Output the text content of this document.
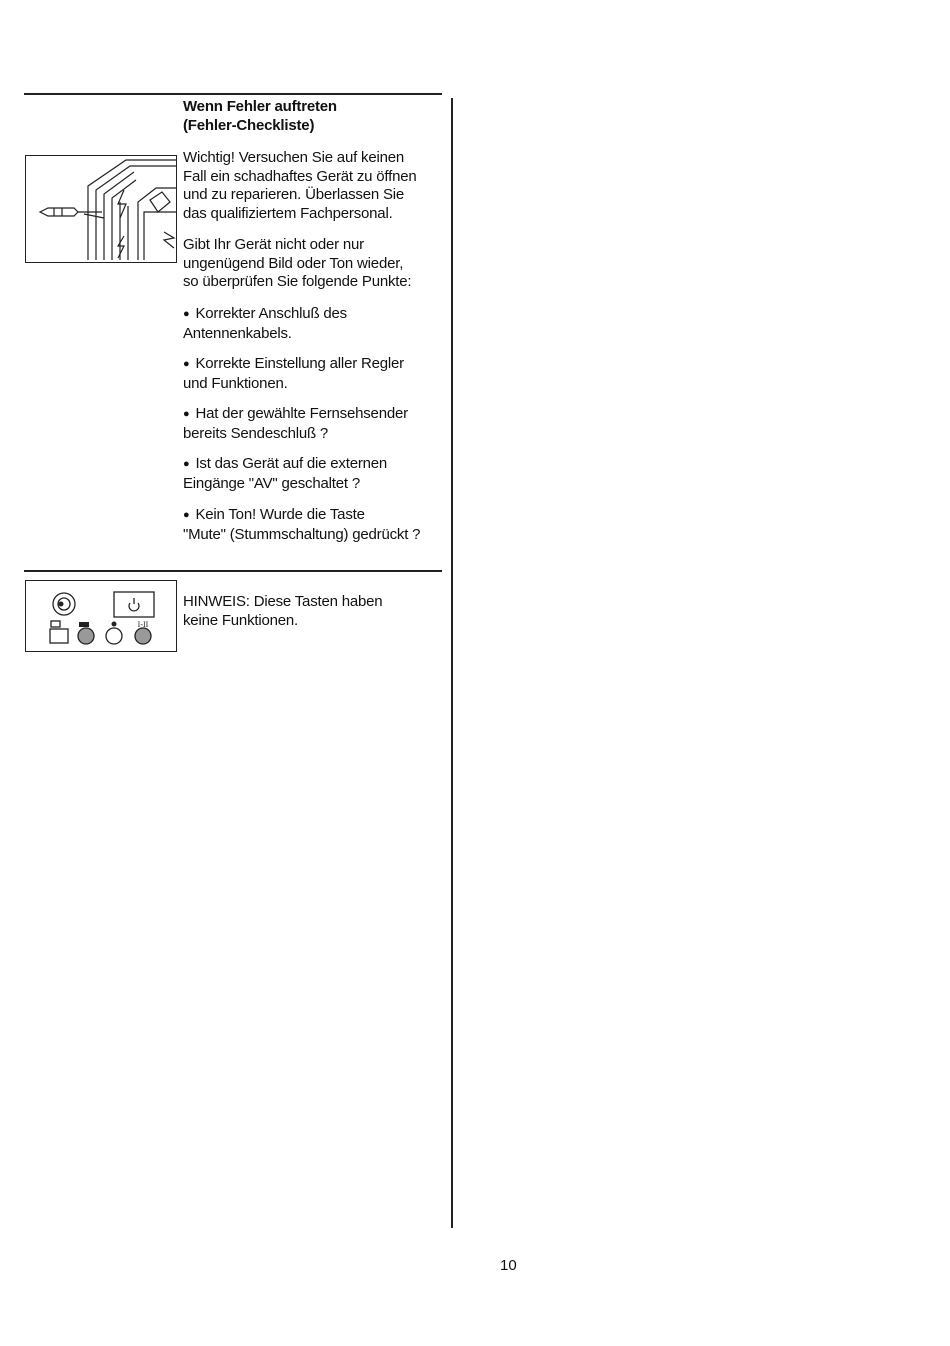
Wenn Fehler auftreten
(Fehler-Checkliste)
Wichtig! Versuchen Sie auf keinen
Fall ein schadhaftes Gerät zu öffnen
und zu reparieren. Überlassen Sie
das qualifiziertem Fachpersonal.
Gibt Ihr Gerät nicht oder nur
ungenügend Bild oder Ton wieder,
so überprüfen Sie folgende Punkte:
● Korrekter Anschluß des
Antennenkabels.
● Korrekte Einstellung aller Regler
und Funktionen.
● Hat der gewählte Fernsehsender
bereits Sendeschluß ?
● Ist das Gerät auf die externen
Eingänge "AV" geschaltet ?
● Kein Ton! Wurde die Taste
"Mute" (Stummschaltung) gedrückt ?
I-II
HINWEIS: Diese Tasten haben
keine Funktionen.
10
